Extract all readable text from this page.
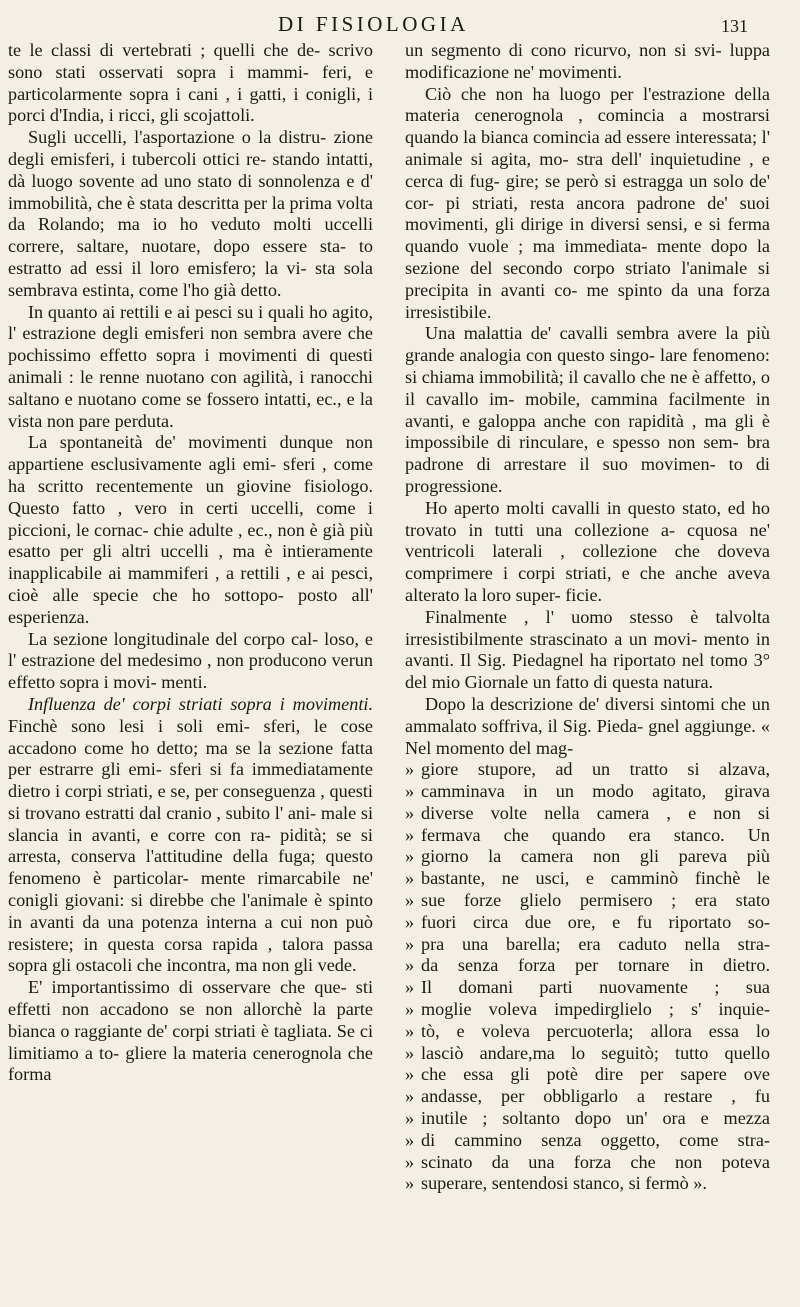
DI FISIOLOGIA	131

te le classi di vertebrati ; quelli che de- scrivo sono stati osservati sopra i mammi- feri, e particolarmente sopra i cani , i gatti, i conigli, i porci d'India, i ricci, gli scojattoli.

Sugli uccelli, l'asportazione o la distru- zione degli emisferi, i tubercoli ottici re- stando intatti, dà luogo sovente ad uno stato di sonnolenza e d' immobilità, che è stata descritta per la prima volta da Rolando; ma io ho veduto molti uccelli correre, saltare, nuotare, dopo essere sta- to estratto ad essi il loro emisfero; la vi- sta sola sembrava estinta, come l'ho già detto.

In quanto ai rettili e ai pesci su i quali ho agito, l' estrazione degli emisferi non sembra avere che pochissimo effetto sopra i movimenti di questi animali : le renne nuotano con agilità, i ranocchi saltano e nuotano come se fossero intatti, ec., e la vista non pare perduta.

La spontaneità de' movimenti dunque non appartiene esclusivamente agli emi- sferi , come ha scritto recentemente un giovine fisiologo. Questo fatto , vero in certi uccelli, come i piccioni, le cornac- chie adulte , ec., non è già più esatto per gli altri uccelli , ma è intieramente inapplicabile ai mammiferi , a rettili , e ai pesci, cioè alle specie che ho sottopo- posto all' esperienza.

La sezione longitudinale del corpo cal- loso, e l' estrazione del medesimo , non producono verun effetto sopra i movi- menti.

Influenza de' corpi striati sopra i movimenti. Finchè sono lesi i soli emi- sferi, le cose accadono come ho detto; ma se la sezione fatta per estrarre gli emi- sferi si fa immediatamente dietro i corpi striati, e se, per conseguenza , questi si trovano estratti dal cranio , subito l' ani- male si slancia in avanti, e corre con ra- pidità; se si arresta, conserva l'attitudine della fuga; questo fenomeno è particolar- mente rimarcabile ne' conigli giovani: si direbbe che l'animale è spinto in avanti da una potenza interna a cui non può resistere; in questa corsa rapida , talora passa sopra gli ostacoli che incontra, ma non gli vede.

E' importantissimo di osservare che que- sti effetti non accadono se non allorchè la parte bianca o raggiante de' corpi striati è tagliata. Se ci limitiamo a to- gliere la materia cenerognola che forma

un segmento di cono ricurvo, non si svi- luppa modificazione ne' movimenti.

Ciò che non ha luogo per l'estrazione della materia cenerognola , comincia a mostrarsi quando la bianca comincia ad essere interessata; l' animale si agita, mo- stra dell' inquietudine , e cerca di fug- gire; se però si estragga un solo de' cor- pi striati, resta ancora padrone de' suoi movimenti, gli dirige in diversi sensi, e si ferma quando vuole ; ma immediata- mente dopo la sezione del secondo corpo striato l'animale si precipita in avanti co- me spinto da una forza irresistibile.

Una malattia de' cavalli sembra avere la più grande analogia con questo singo- lare fenomeno: si chiama immobilità; il cavallo che ne è affetto, o il cavallo im- mobile, cammina facilmente in avanti, e galoppa anche con rapidità , ma gli è impossibile di rinculare, e spesso non sem- bra padrone di arrestare il suo movimen- to di progressione.

Ho aperto molti cavalli in questo stato, ed ho trovato in tutti una collezione a- cquosa ne' ventricoli laterali , collezione che doveva comprimere i corpi striati, e che anche aveva alterato la loro super- ficie.

Finalmente , l' uomo stesso è talvolta irresistibilmente strascinato a un movi- mento in avanti. Il Sig. Piedagnel ha riportato nel tomo 3° del mio Giornale un fatto di questa natura.

Dopo la descrizione de' diversi sintomi che un ammalato soffriva, il Sig. Pieda- gnel aggiunge. « Nel momento del mag-

» giore stupore, ad un tratto si alzava,
» camminava in un modo agitato, girava
» diverse volte nella camera , e non si
» fermava che quando era stanco. Un
» giorno la camera non gli pareva più
» bastante, ne usci, e camminò finchè le
» sue forze glielo permisero ; era stato
» fuori circa due ore, e fu riportato so-
» pra una barella; era caduto nella stra-
» da senza forza per tornare in dietro.
» Il domani parti nuovamente ; sua
» moglie voleva impedirglielo ; s' inquie-
» tò, e voleva percuoterla; allora essa lo
» lasciò andare,ma lo seguitò; tutto quello
» che essa gli potè dire per sapere ove
» andasse, per obbligarlo a restare , fu
» inutile ; soltanto dopo un' ora e mezza
» di cammino senza oggetto, come stra-
» scinato da una forza che non poteva
» superare, sentendosi stanco, si fermò ».
